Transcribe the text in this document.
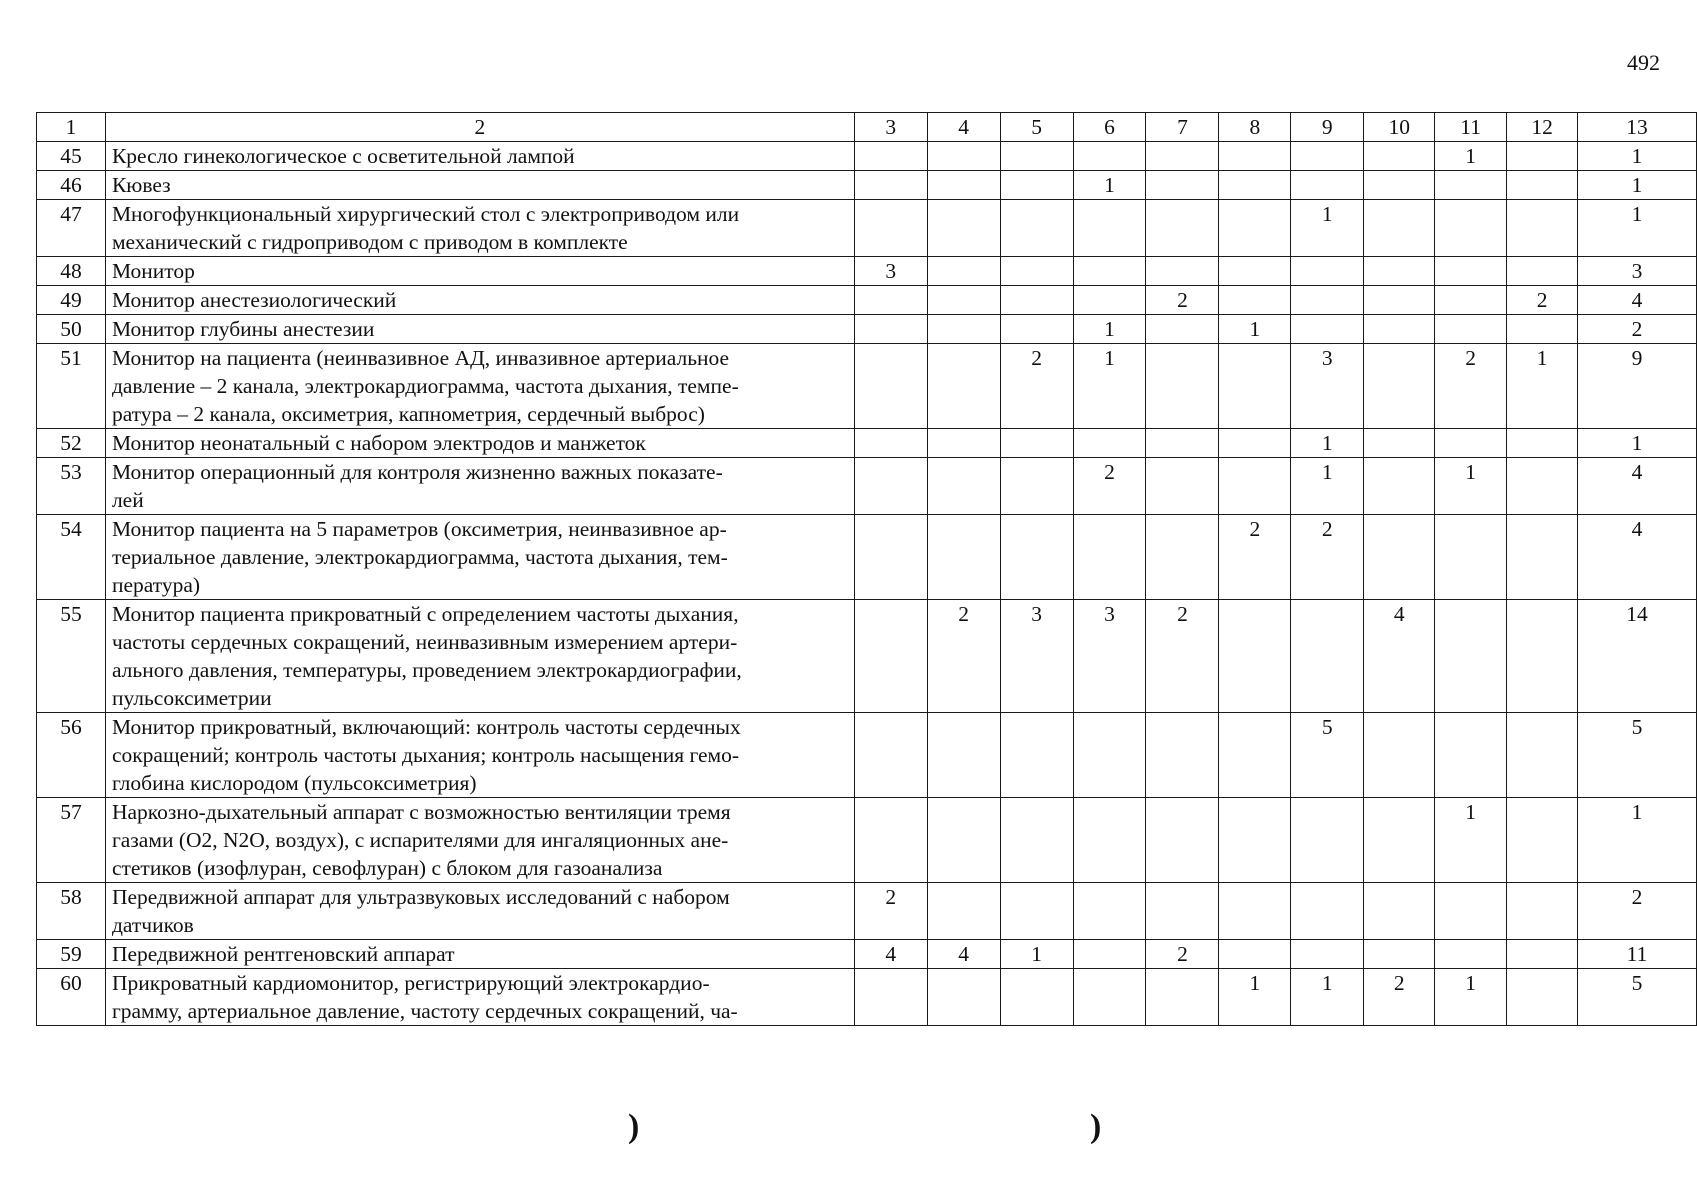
492
1	2	3	4	5	6	7	8	9	10	11	12	13
45	Кресло гинекологическое с осветительной лампой									1		1
46	Кювез				1							1
47	Многофункциональный хирургический стол с электроприводом или
механический с гидроприводом с приводом в комплекте							1				1
48	Монитор	3										3
49	Монитор анестезиологический					2					2	4
50	Монитор глубины анестезии				1		1					2
51	Монитор на пациента (неинвазивное АД, инвазивное артериальное
давление – 2 канала, электрокардиограмма, частота дыхания, темпе-
ратура – 2 канала, оксиметрия, капнометрия, сердечный выброс)			2	1			3		2	1	9
52	Монитор неонатальный с набором электродов и манжеток							1				1
53	Монитор операционный для контроля жизненно важных показате-
лей				2			1		1		4
54	Монитор пациента на 5 параметров (оксиметрия, неинвазивное ар-
териальное давление, электрокардиограмма, частота дыхания, тем-
пература)						2	2				4
55	Монитор пациента прикроватный с определением частоты дыхания,
частоты сердечных сокращений, неинвазивным измерением артери-
ального давления, температуры, проведением электрокардиографии,
пульсоксиметрии		2	3	3	2			4			14
56	Монитор прикроватный, включающий: контроль частоты сердечных
сокращений; контроль частоты дыхания; контроль насыщения гемо-
глобина кислородом (пульсоксиметрия)							5				5
57	Наркозно-дыхательный аппарат с возможностью вентиляции тремя
газами (О2, N2O, воздух), с испарителями для ингаляционных ане-
стетиков (изофлуран, севофлуран) с блоком для газоанализа									1		1
58	Передвижной аппарат для ультразвуковых исследований с набором
датчиков	2										2
59	Передвижной рентгеновский аппарат	4	4	1		2						11
60	Прикроватный кардиомонитор, регистрирующий электрокардио-
грамму, артериальное давление, частоту сердечных сокращений, ча-						1	1	2	1		5
)	)
